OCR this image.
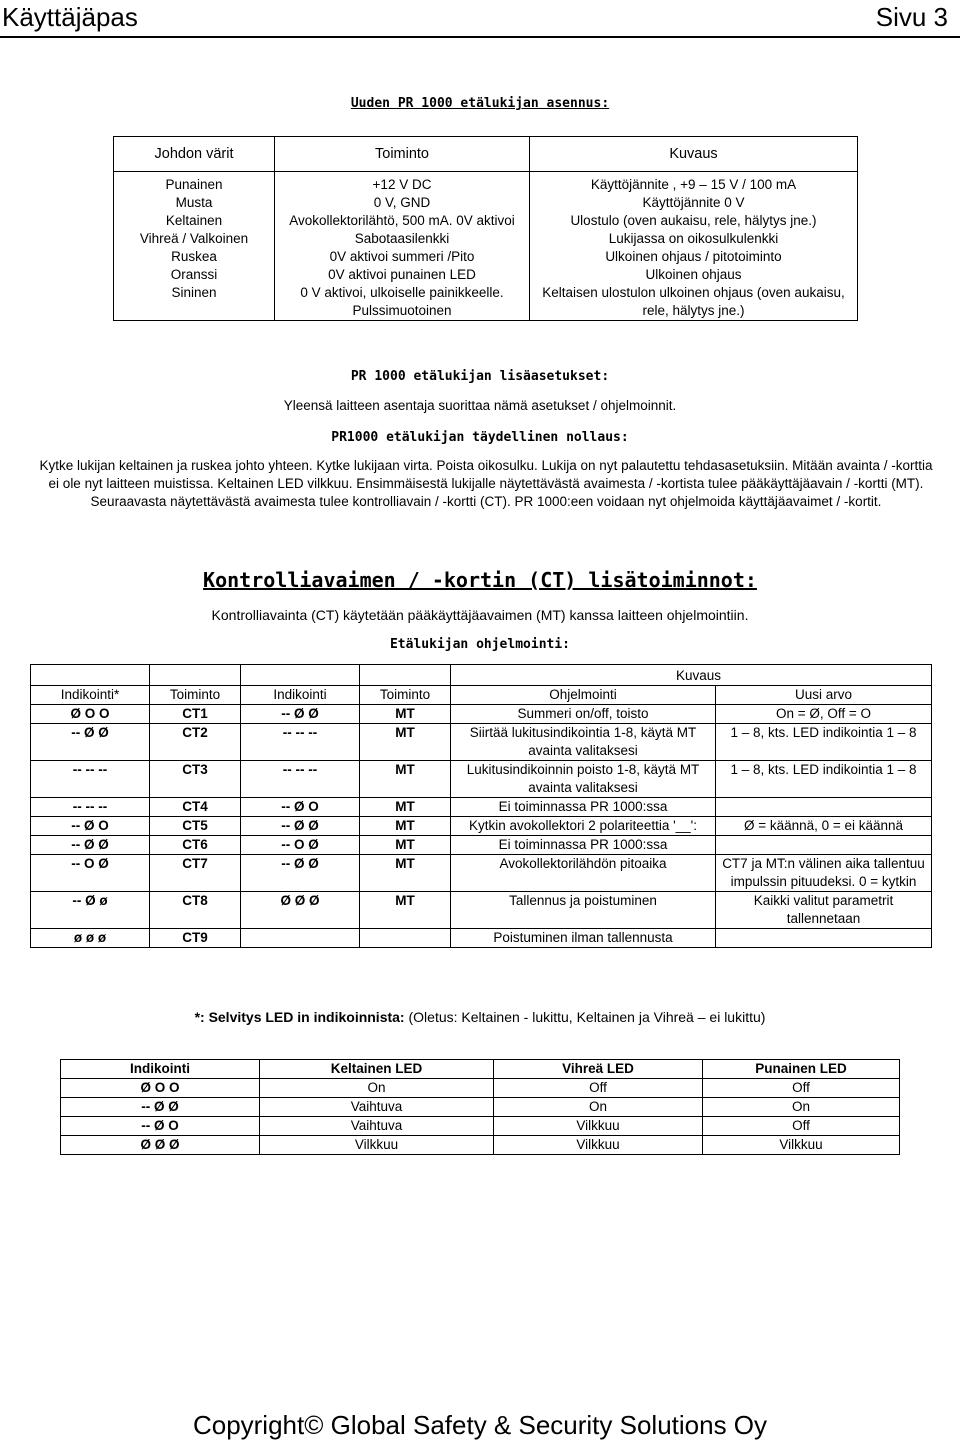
Käyttäjäpas	Sivu 3
Uuden PR 1000 etälukijan asennus:
Johdon värit	Toiminto	Kuvaus

Punainen	+12 V DC	Käyttöjännite , +9 – 15 V / 100 mA
Musta	0 V, GND	Käyttöjännite 0 V
Keltainen	Avokollektorilähtö, 500 mA. 0V aktivoi	Ulostulo (oven aukaisu, rele, hälytys jne.)
Vihreä / Valkoinen	Sabotaasilenkki	Lukijassa on oikosulkulenkki
Ruskea	0V aktivoi summeri /Pito	Ulkoinen ohjaus / pitotoiminto
Oranssi	0V aktivoi punainen LED	Ulkoinen ohjaus
Sininen	0 V aktivoi, ulkoiselle painikkeelle. Pulssimuotoinen	Keltaisen ulostulon ulkoinen ohjaus (oven aukaisu, rele, hälytys jne.)
PR 1000 etälukijan lisäasetukset:
Yleensä laitteen asentaja suorittaa nämä asetukset / ohjelmoinnit.
PR1000 etälukijan täydellinen nollaus:
Kytke lukijan keltainen ja ruskea johto yhteen. Kytke lukijaan virta. Poista oikosulku. Lukija on nyt palautettu tehdasasetuksiin. Mitään avainta / -korttia ei ole nyt laitteen muistissa. Keltainen LED vilkkuu. Ensimmäisestä lukijalle näytettävästä avaimesta / -kortista tulee pääkäyttäjäavain / -kortti (MT). Seuraavasta näytettävästä avaimesta tulee kontrolliavain / -kortti (CT). PR 1000:een voidaan nyt ohjelmoida käyttäjäavaimet / -kortit.
Kontrolliavaimen / -kortin (CT) lisätoiminnot:
Kontrolliavainta (CT) käytetään pääkäyttäjäavaimen (MT) kanssa laitteen ohjelmointiin.
Etälukijan ohjelmointi:
				Kuvaus	
Indikointi*	Toiminto	Indikointi	Toiminto	Ohjelmointi	Uusi arvo
Ø O O	CT1	-- Ø Ø	MT	Summeri on/off, toisto	On = Ø, Off = O
-- Ø Ø	CT2	-- -- --	MT	Siirtää lukitusindikointia 1-8, käytä MT avainta valitaksesi	1 – 8, kts. LED indikointia 1 – 8
-- -- --	CT3	-- -- --	MT	Lukitusindikoinnin poisto 1-8, käytä MT avainta valitaksesi	1 – 8, kts. LED indikointia 1 – 8
-- -- --	CT4	-- Ø O	MT	Ei toiminnassa PR 1000:ssa	
-- Ø O	CT5	-- Ø Ø	MT	Kytkin avokollektori 2 polariteettia '__':	Ø = käännä, 0 = ei käännä
-- Ø Ø	CT6	-- O Ø	MT	Ei toiminnassa PR 1000:ssa	
-- O Ø	CT7	-- Ø Ø	MT	Avokollektorilähdön pitoaika	CT7 ja MT:n välinen aika tallentuu impulssin pituudeksi. 0 = kytkin
-- Ø ø	CT8	Ø Ø Ø	MT	Tallennus ja poistuminen	Kaikki valitut parametrit tallennetaan
ø ø ø	CT9			Poistuminen ilman tallennusta	
*: Selvitys LED in indikoinnista: (Oletus: Keltainen - lukittu, Keltainen ja Vihreä – ei lukittu)
Indikointi	Keltainen LED	Vihreä LED	Punainen LED
Ø O O	On	Off	Off
-- Ø Ø	Vaihtuva	On	On
-- Ø O	Vaihtuva	Vilkkuu	Off
Ø Ø Ø	Vilkkuu	Vilkkuu	Vilkkuu
Copyright© Global Safety & Security Solutions Oy
